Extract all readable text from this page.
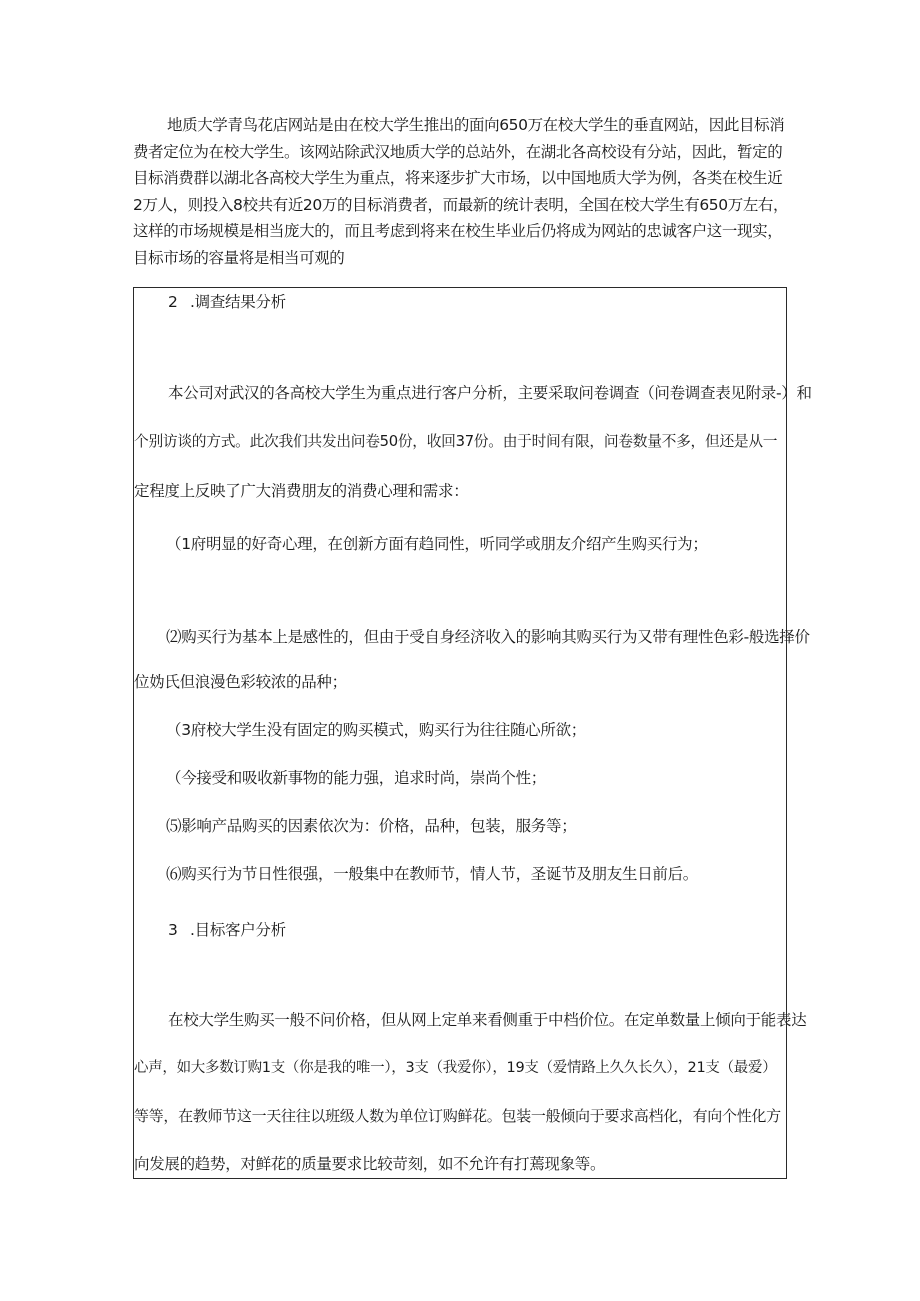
地质大学青鸟花店网站是由在校大学生推出的面向650万在校大学生的垂直网站，因此目标消费者定位为在校大学生。该网站除武汉地质大学的总站外，在湖北各高校设有分站，因此，暂定的目标消费群以湖北各高校大学生为重点，将来逐步扩大市场，以中国地质大学为例，各类在校生近2万人，则投入8校共有近20万的目标消费者，而最新的统计表明，全国在校大学生有650万左右，这样的市场规模是相当庞大的，而且考虑到将来在校生毕业后仍将成为网站的忠诚客户这一现实，目标市场的容量将是相当可观的

2 .调查结果分析
本公司对武汉的各高校大学生为重点进行客户分析，主要采取问卷调查（问卷调查表见附录-）和
个别访谈的方式。此次我们共发出问卷50份，收回37份。由于时间有限，问卷数量不多，但还是从一
定程度上反映了广大消费朋友的消费心理和需求：
（1府明显的好奇心理，在创新方面有趋同性，听同学或朋友介绍产生购买行为；
⑵购买行为基本上是感性的，但由于受自身经济收入的影响其购买行为又带有理性色彩-般选择价
位妫氏但浪漫色彩较浓的品种；
（3府校大学生没有固定的购买模式，购买行为往往随心所欲；
（今接受和吸收新事物的能力强，追求时尚，崇尚个性；
⑸影响产品购买的因素依次为：价格，品种，包装，服务等；
⑹购买行为节日性很强，一般集中在教师节，情人节，圣诞节及朋友生日前后。
3 .目标客户分析
在校大学生购买一般不问价格，但从网上定单来看侧重于中档价位。在定单数量上倾向于能表达
心声，如大多数订购1支（你是我的唯一），3支（我爱你），19支（爱情路上久久长久），21支（最爱）
等等，在教师节这一天往往以班级人数为单位订购鲜花。包装一般倾向于要求高档化，有向个性化方
向发展的趋势，对鲜花的质量要求比较苛刻，如不允许有打蔫现象等。
